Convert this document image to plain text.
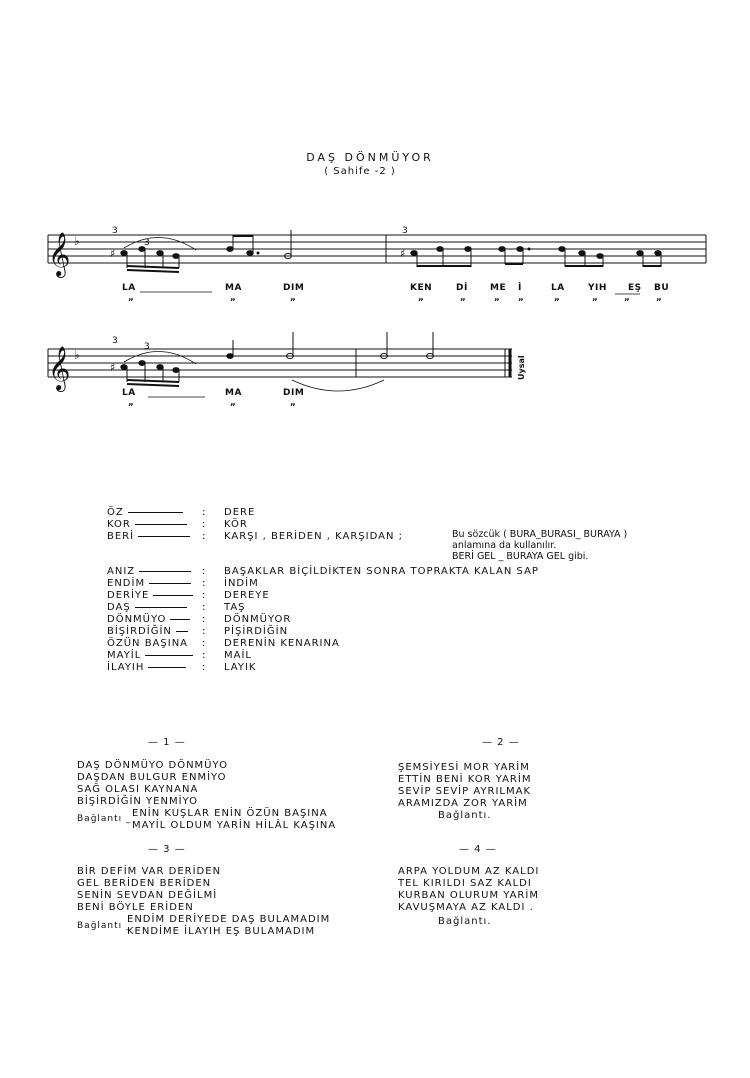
DAŞ DÖNMÜYOR
( Sahife -2 )
𝄞
𝄞
♭
♭
♯
3
3
♯
3
♯
3
3
LA	MA	DIM	KEN	Dİ ME İ	LA	YIH EŞ BU
„	„	„	„	„	„ „	„	„	„	„
LA	MA	DIM
„	„	„
Uysal
ÖZ	: DERE
KOR	: KÖR
BERİ	: KARŞI , BERİDEN , KARŞIDAN ;
ANIZ	: BAŞAKLAR BİÇİLDİKTEN SONRA TOPRAKTA KALAN SAP
ENDİM	: İNDİM
DERİYE	: DEREYE
DAŞ	: TAŞ
DÖNMÜYO	: DÖNMÜYOR
BİŞİRDİĞİN	: PİŞİRDİĞİN
ÖZÜN BAŞINA : DERENİN KENARINA
MAYİL	: MAİL
İLAYIH	: LAYIK
Bu sözcük ( BURA_BURASI_ BURAYA )
anlamına da kullanılır.
BERİ GEL _ BURAYA GEL gibi.
— 1 —
DAŞ DÖNMÜYO DÖNMÜYO
DAŞDAN BULGUR ENMİYO
SAĞ OLASI KAYNANA
BİŞİRDİĞİN YENMİYO
Bağlantı _ ENİN KUŞLAR ENİN ÖZÜN BAŞINA
MAYİL OLDUM YARİN HİLÂL KAŞINA
— 2 —
ŞEMSİYESİ MOR YARİM
ETTİN BENİ KOR YARİM
SEVİP SEVİP AYRILMAK
ARAMIZDA ZOR YARİM
Bağlantı.
— 3 —
BİR DEFİM VAR DERİDEN
GEL BERİDEN BERİDEN
SENİN SEVDAN DEĞİLMİ
BENİ BÖYLE ERİDEN
Bağlantı _
ENDİM DERİYEDE DAŞ BULAMADIM
KENDİME İLAYIH EŞ BULAMADIM
— 4 —
ARPA YOLDUM AZ KALDI
TEL KIRILDI SAZ KALDI
KURBAN OLURUM YARİM
KAVUŞMAYA AZ KALDI .
Bağlantı.
